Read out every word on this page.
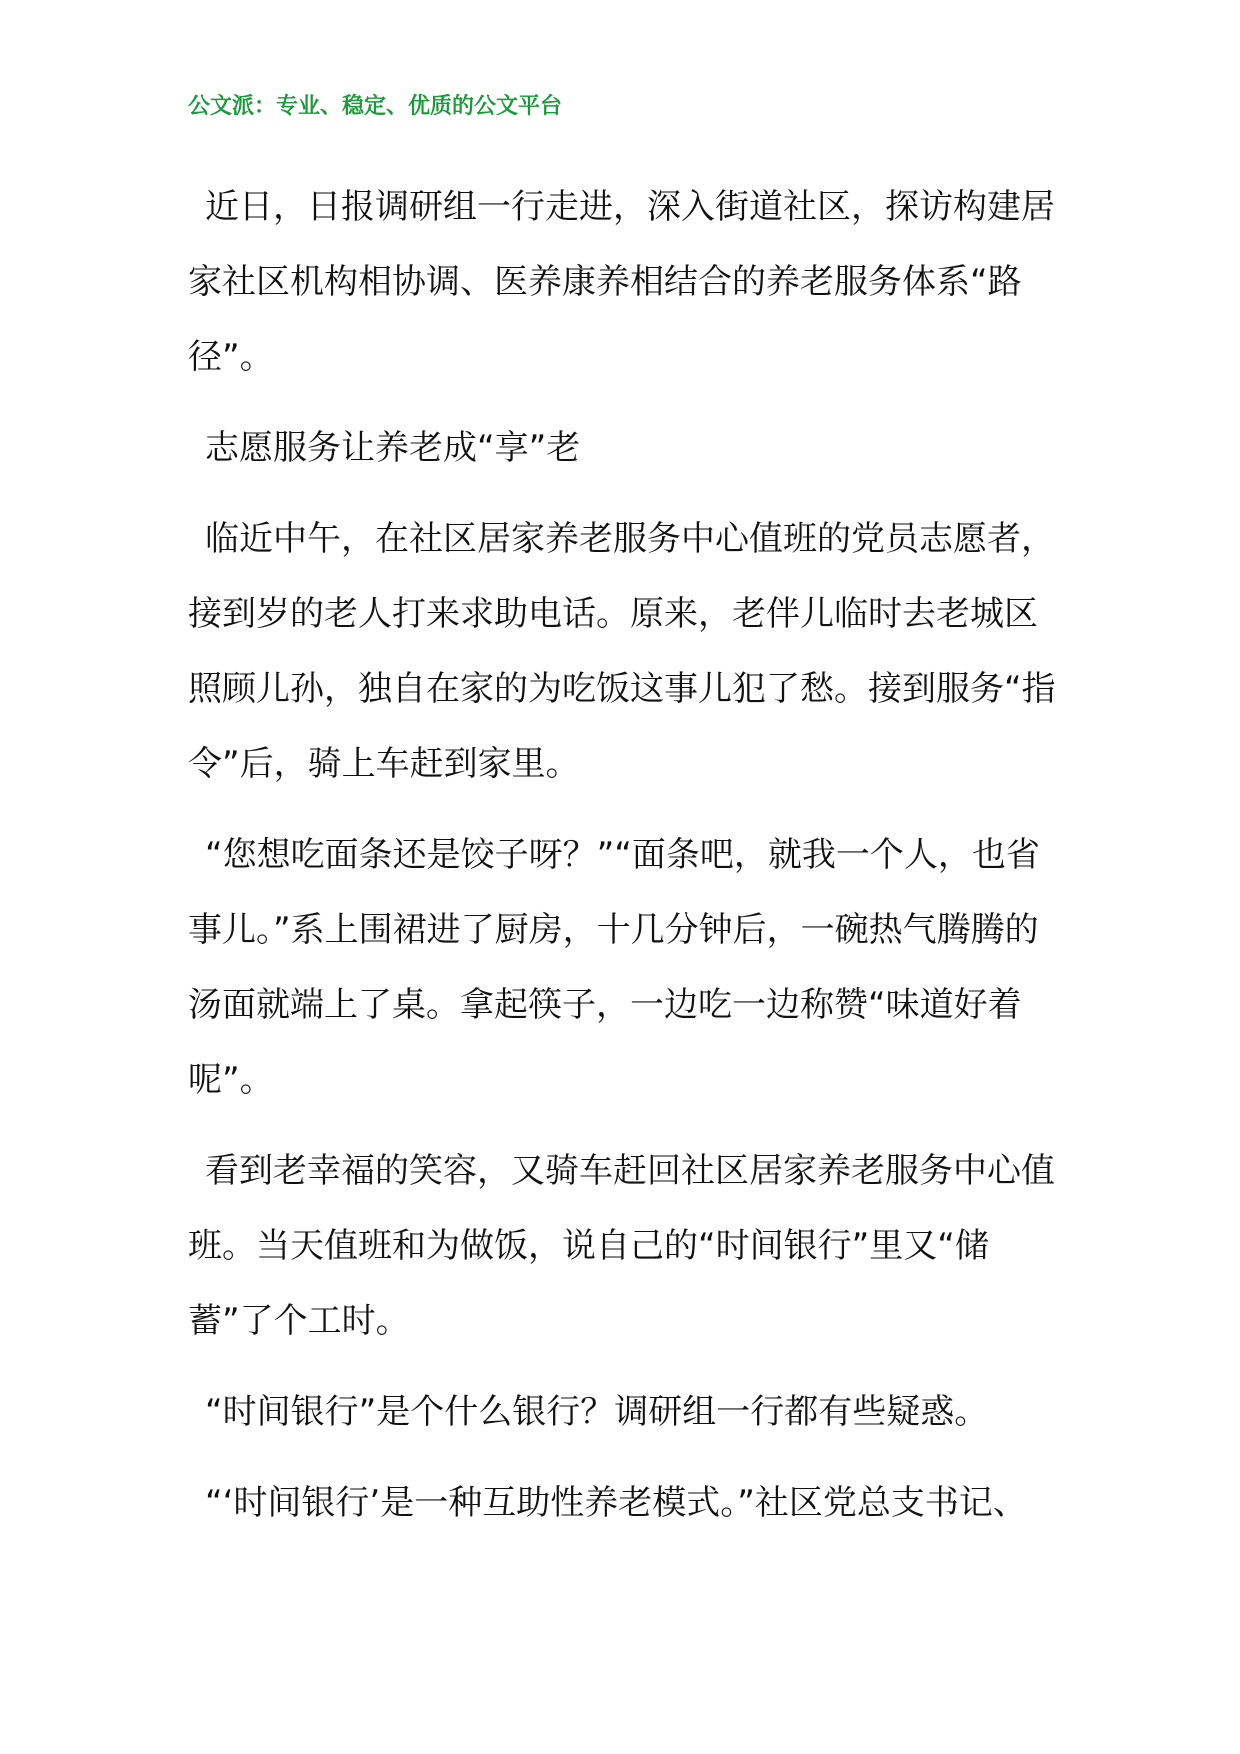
公文派：专业、稳定、优质的公文平台

近日，日报调研组一行走进，深入街道社区，探访构建居家社区机构相协调、医养康养相结合的养老服务体系“路径”。

志愿服务让养老成“享”老

临近中午，在社区居家养老服务中心值班的党员志愿者，接到岁的老人打来求助电话。原来，老伴儿临时去老城区照顾儿孙，独自在家的为吃饭这事儿犯了愁。接到服务“指令”后，骑上车赶到家里。

“您想吃面条还是饺子呀？”“面条吧，就我一个人，也省事儿。”系上围裙进了厨房，十几分钟后，一碗热气腾腾的汤面就端上了桌。拿起筷子，一边吃一边称赞“味道好着呢”。

看到老幸福的笑容，又骑车赶回社区居家养老服务中心值班。当天值班和为做饭，说自己的“时间银行”里又“储蓄”了个工时。

“时间银行”是个什么银行？调研组一行都有些疑惑。

“‘时间银行’是一种互助性养老模式。”社区党总支书记、
